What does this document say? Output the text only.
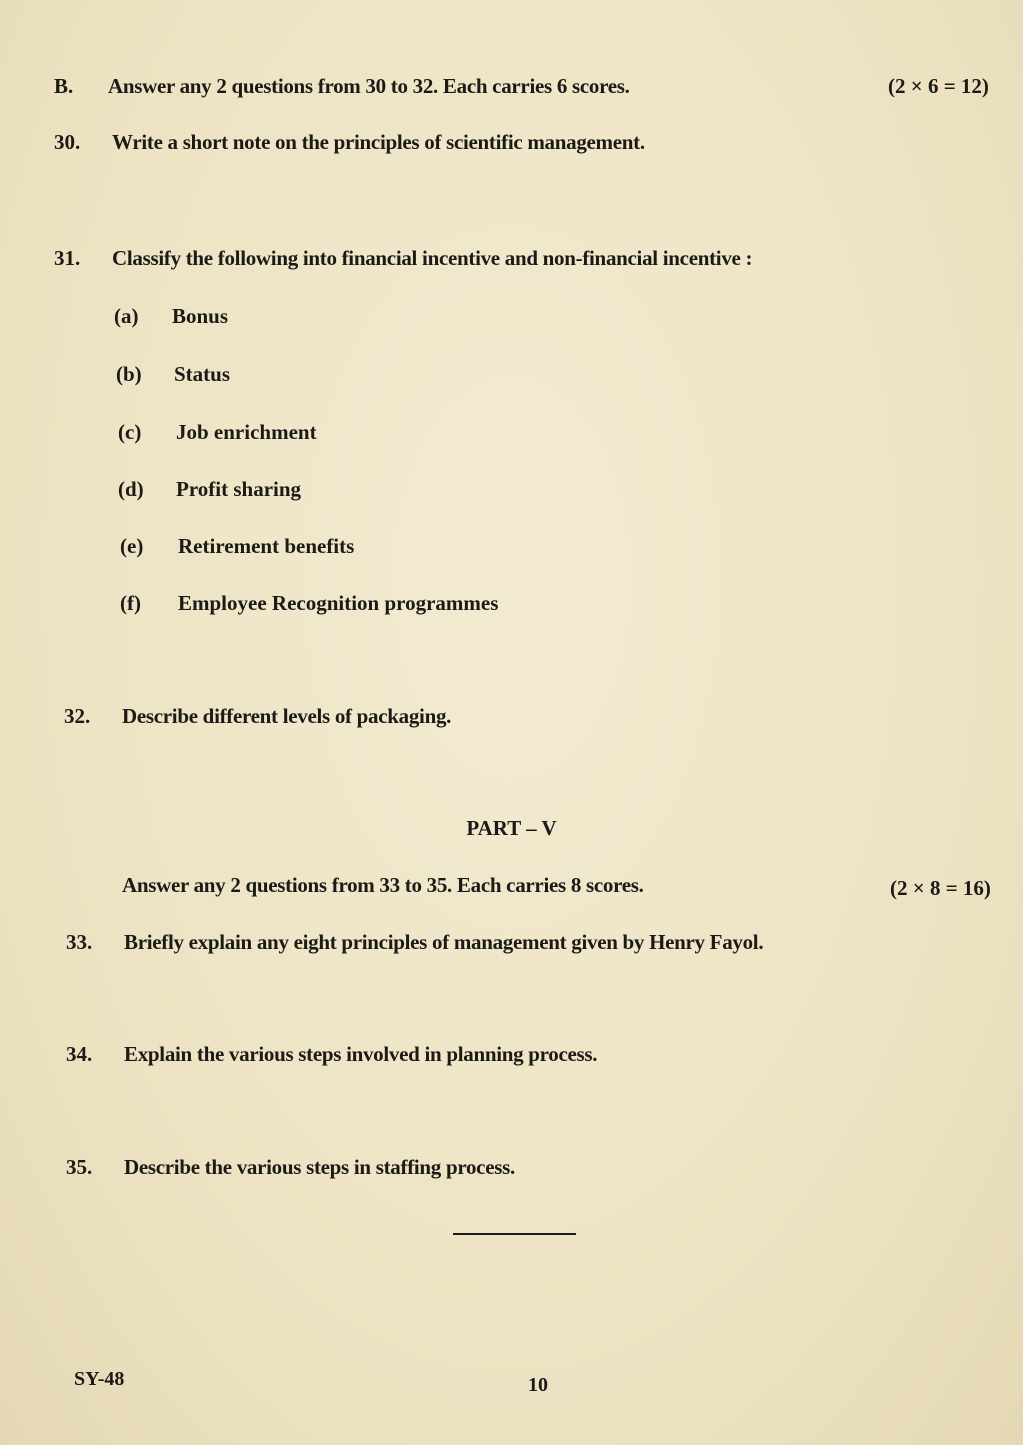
B. Answer any 2 questions from 30 to 32. Each carries 6 scores.	(2 × 6 = 12)
30. Write a short note on the principles of scientific management.
31. Classify the following into financial incentive and non-financial incentive :
(a) Bonus
(b) Status
(c) Job enrichment
(d) Profit sharing
(e) Retirement benefits
(f) Employee Recognition programmes
32. Describe different levels of packaging.
PART – V
Answer any 2 questions from 33 to 35. Each carries 8 scores.	(2 × 8 = 16)
33. Briefly explain any eight principles of management given by Henry Fayol.
34. Explain the various steps involved in planning process.
35. Describe the various steps in staffing process.
SY-48	10
